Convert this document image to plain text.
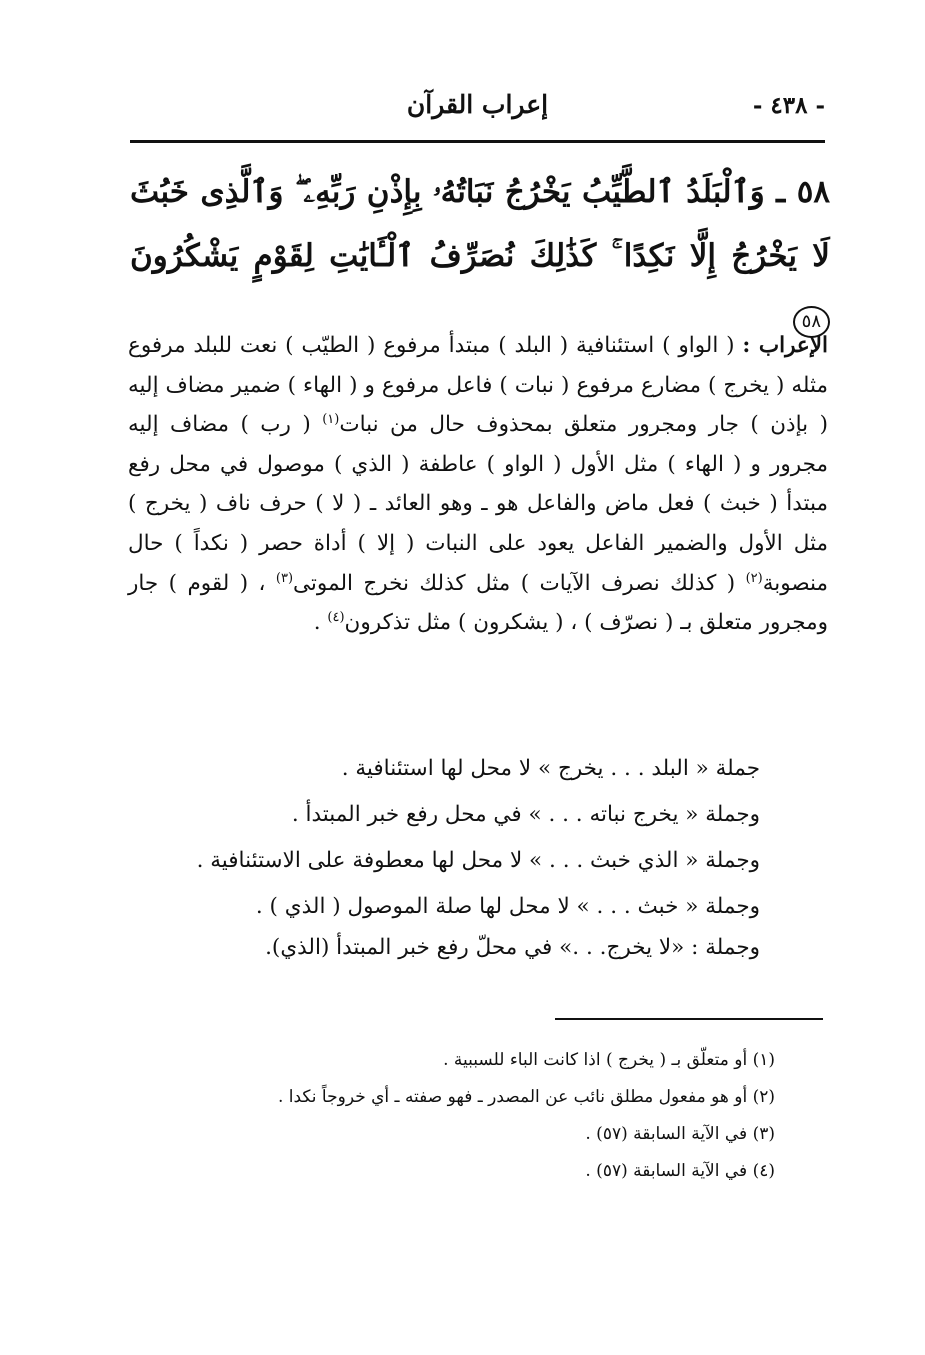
- ٤٣٨ -
إعراب القرآن
٥٨ ـ وَٱلْبَلَدُ ٱلطَّيِّبُ يَخْرُجُ نَبَاتُهُۥ بِإِذْنِ رَبِّهِۦ ۖ وَٱلَّذِى خَبُثَ لَا يَخْرُجُ إِلَّا نَكِدًا ۚ كَذَٰلِكَ نُصَرِّفُ ٱلْـَٔايَٰتِ لِقَوْمٍ يَشْكُرُونَ ٥٨
الإعراب : ( الواو ) استئنافية ( البلد ) مبتدأ مرفوع ( الطيّب ) نعت للبلد مرفوع مثله ( يخرج ) مضارع مرفوع ( نبات ) فاعل مرفوع و ( الهاء ) ضمير مضاف إليه ( بإذن ) جار ومجرور متعلق بمحذوف حال من نبات$^{(١)}$ ( رب ) مضاف إليه مجرور و ( الهاء ) مثل الأول ( الواو ) عاطفة ( الذي ) موصول في محل رفع مبتدأ ( خبث ) فعل ماض والفاعل هو ـ وهو العائد ـ ( لا ) حرف ناف ( يخرج ) مثل الأول والضمير الفاعل يعود على النبات ( إلا ) أداة حصر ( نكداً ) حال منصوبة$^{(٢)}$ ( كذلك نصرف الآيات ) مثل كذلك نخرج الموتى$^{(٣)}$ ، ( لقوم ) جار ومجرور متعلق بـ ( نصرّف ) ، ( يشكرون ) مثل تذكرون$^{(٤)}$ .
جملة « البلد . . . يخرج » لا محل لها استئنافية .
وجملة « يخرج نباته . . . » في محل رفع خبر المبتدأ .
وجملة « الذي خبث . . . » لا محل لها معطوفة على الاستئنافية .
وجملة « خبث . . . » لا محل لها صلة الموصول ( الذي ) .
وجملة : «لا يخرج. . .» في محلّ رفع خبر المبتدأ (الذي).
(١) أو متعلّق بـ ( يخرج ) اذا كانت الباء للسببية .
(٢) أو هو مفعول مطلق نائب عن المصدر ـ فهو صفته ـ أي خروجاً نكدا .
(٣) في الآية السابقة (٥٧) .
(٤) في الآية السابقة (٥٧) .
